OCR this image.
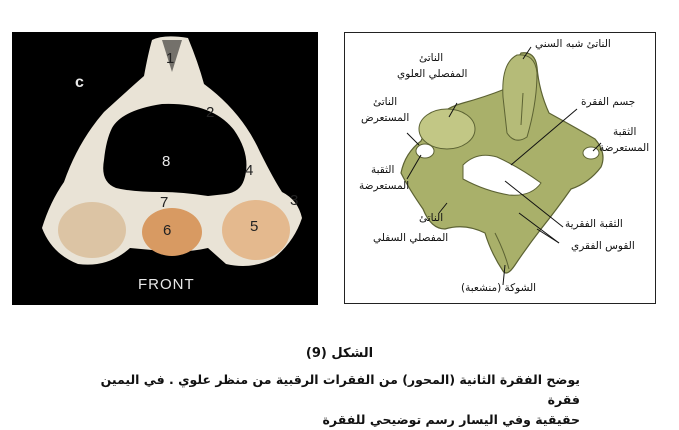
c
1
2
3
4
5
6
7
8
FRONT
الناتئ شبه السني
الناتئ
المفصلي العلوي
الناتئ
المستعرض
جسم الفقرة
الثقبة
المستعرضة
الثقبة
المستعرضة
الناتئ
المفصلي السفلي
الثقبة الفقرية
القوس الفقري
الشوكة (منشعبة)
الشكل (9)
يوضح الفقرة الثانية (المحور) من الفقرات الرقبية من منظر علوي . في اليمين فقرة
حقيقية وفي اليسار رسم توضيحي للفقرة
